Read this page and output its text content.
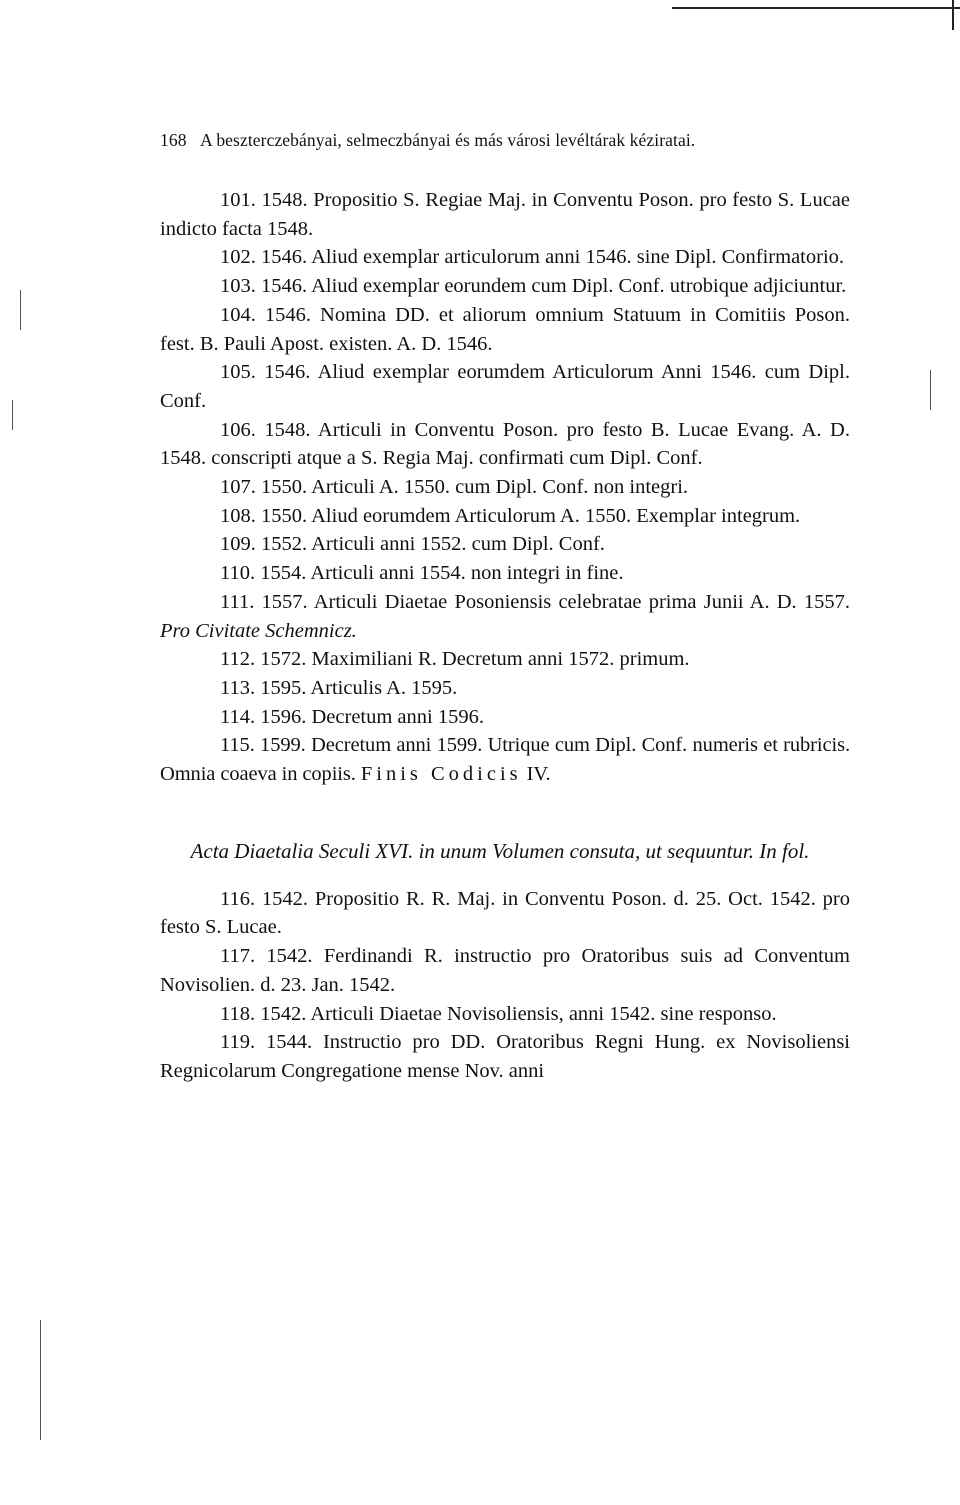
168 A beszterczebányai, selmeczbányai és más városi levéltárak kéziratai.

101. 1548. Propositio S. Regiae Maj. in Conventu Poson. pro festo S. Lucae indicto facta 1548.

102. 1546. Aliud exemplar articulorum anni 1546. sine Dipl. Confirmatorio.

103. 1546. Aliud exemplar eorundem cum Dipl. Conf. utrobique adjiciuntur.

104. 1546. Nomina DD. et aliorum omnium Statuum in Comitiis Poson. fest. B. Pauli Apost. existen. A. D. 1546.

105. 1546. Aliud exemplar eorumdem Articulorum Anni 1546. cum Dipl. Conf.

106. 1548. Articuli in Conventu Poson. pro festo B. Lucae Evang. A. D. 1548. conscripti atque a S. Regia Maj. confirmati cum Dipl. Conf.

107. 1550. Articuli A. 1550. cum Dipl. Conf. non integri.

108. 1550. Aliud eorumdem Articulorum A. 1550. Exemplar integrum.

109. 1552. Articuli anni 1552. cum Dipl. Conf.

110. 1554. Articuli anni 1554. non integri in fine.

111. 1557. Articuli Diaetae Posoniensis celebratae prima Junii A. D. 1557. Pro Civitate Schemnicz.

112. 1572. Maximiliani R. Decretum anni 1572. primum.

113. 1595. Articulis A. 1595.

114. 1596. Decretum anni 1596.

115. 1599. Decretum anni 1599. Utrique cum Dipl. Conf. numeris et rubricis. Omnia coaeva in copiis. Finis Codicis IV.

Acta Diaetalia Seculi XVI. in unum Volumen consuta, ut sequuntur. In fol.

116. 1542. Propositio R. R. Maj. in Conventu Poson. d. 25. Oct. 1542. pro festo S. Lucae.

117. 1542. Ferdinandi R. instructio pro Oratoribus suis ad Conventum Novisolien. d. 23. Jan. 1542.

118. 1542. Articuli Diaetae Novisoliensis, anni 1542. sine responso.

119. 1544. Instructio pro DD. Oratoribus Regni Hung. ex Novisoliensi Regnicolarum Congregatione mense Nov. anni
